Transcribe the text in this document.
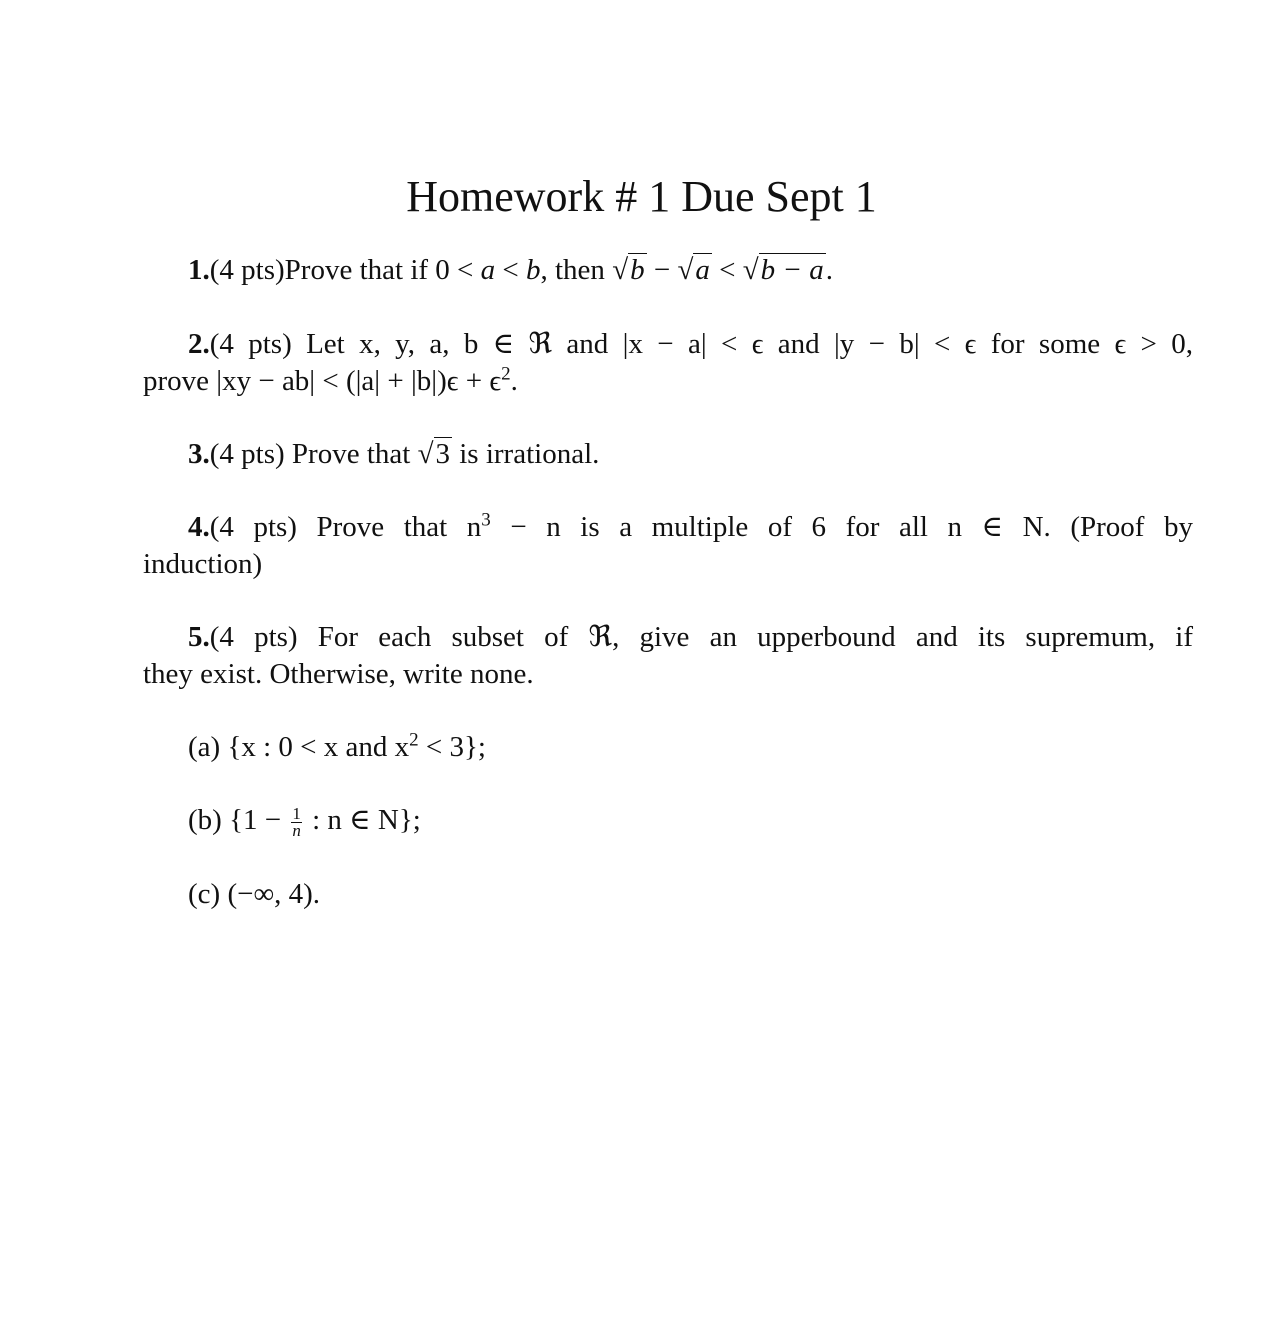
Homework # 1 Due Sept 1
1.(4 pts)Prove that if 0 < a < b, then √b − √a < √b − a.
2.(4 pts) Let x, y, a, b ∈ ℜ and |x − a| < ϵ and |y − b| < ϵ for some ϵ > 0,
prove $|xy - ab| < (|a| + |b|)\epsilon + \epsilon^2$.
3.(4 pts) Prove that √3 is irrational.
4.(4 pts) Prove that $n^3 - n$ is a multiple of 6 for all n ∈ N. (Proof by
induction)
5.(4 pts) For each subset of ℜ, give an upperbound and its supremum, if
they exist. Otherwise, write none.
(a) {x : 0 < x and $x^2 < 3$};
(b) {$1 - \frac{1}{n}$ : n ∈ N};
(c) (−∞, 4).
